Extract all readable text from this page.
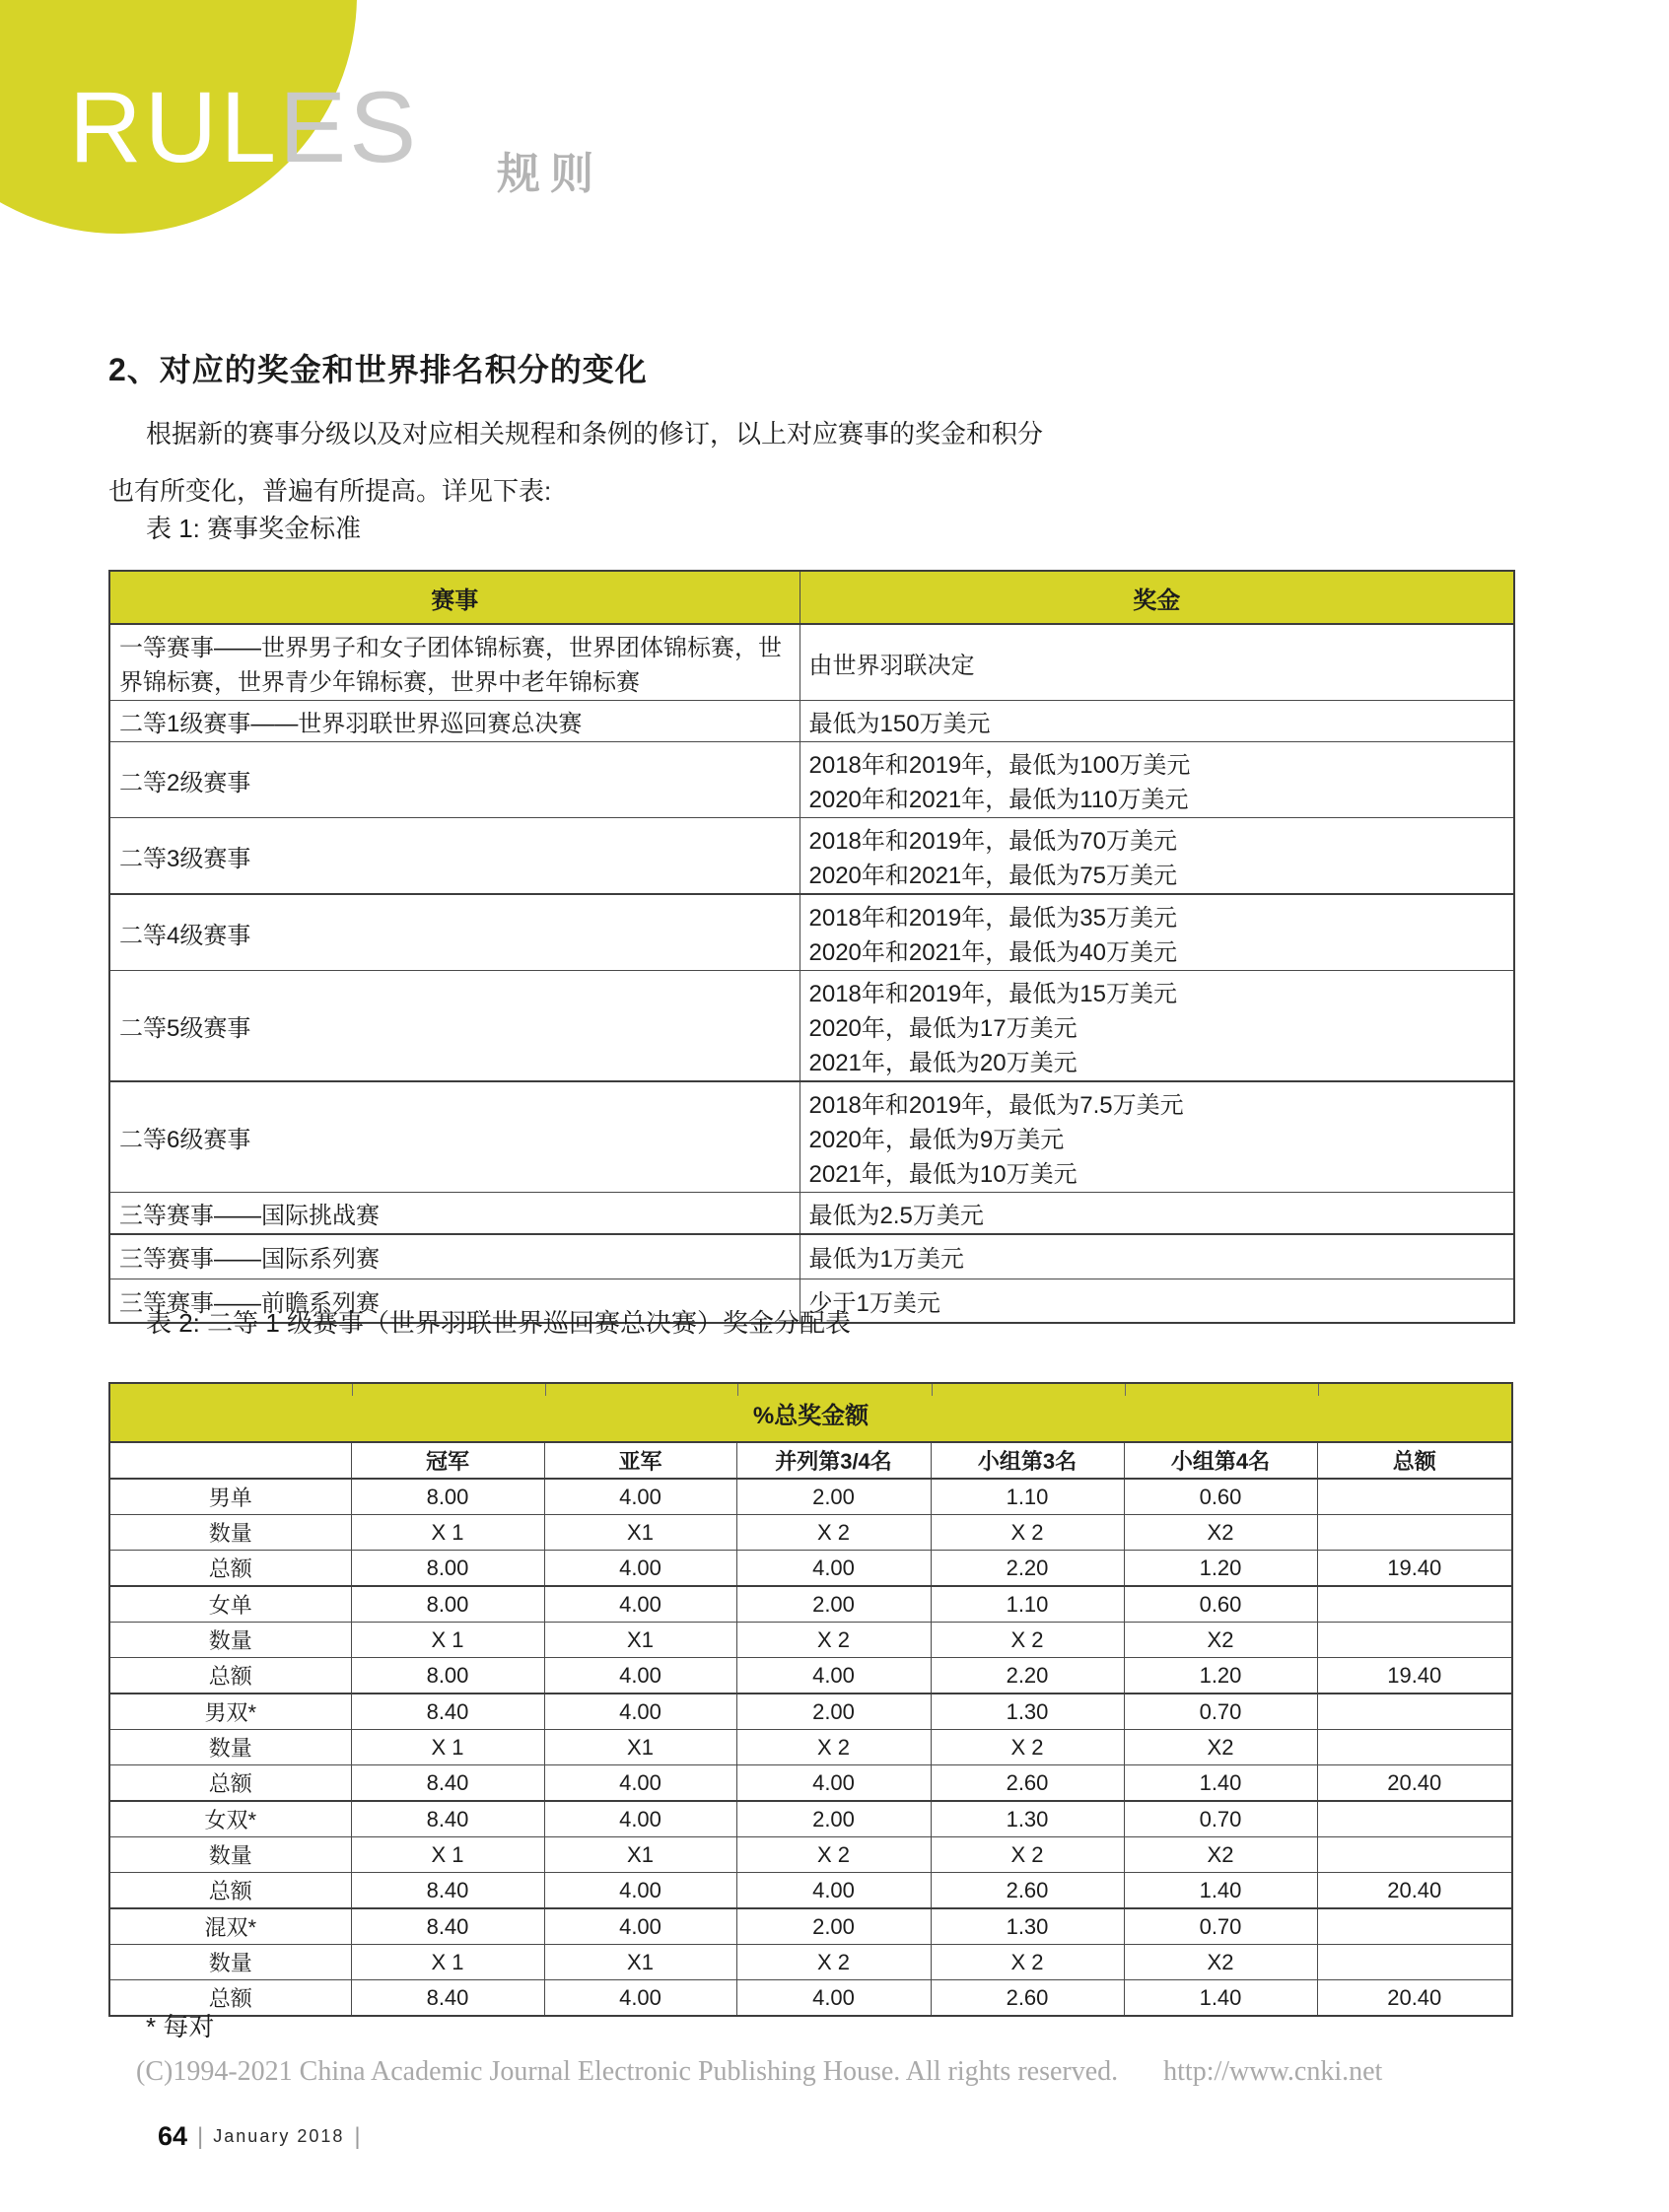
RULES 规则
2、对应的奖金和世界排名积分的变化
根据新的赛事分级以及对应相关规程和条例的修订，以上对应赛事的奖金和积分
也有所变化，普遍有所提高。详见下表:
表 1: 赛事奖金标准
赛事	奖金
一等赛事——世界男子和女子团体锦标赛，世界团体锦标赛，世界锦标赛，世界青少年锦标赛，世界中老年锦标赛	由世界羽联决定

二等1级赛事——世界羽联世界巡回赛总决赛	最低为150万美元

二等2级赛事	2018年和2019年，最低为100万美元
2020年和2021年，最低为110万美元

二等3级赛事	2018年和2019年，最低为70万美元
2020年和2021年，最低为75万美元

二等4级赛事	2018年和2019年，最低为35万美元
2020年和2021年，最低为40万美元

二等5级赛事	2018年和2019年，最低为15万美元
2020年，最低为17万美元
2021年，最低为20万美元

二等6级赛事	2018年和2019年，最低为7.5万美元
2020年，最低为9万美元
2021年，最低为10万美元

三等赛事——国际挑战赛	最低为2.5万美元

三等赛事——国际系列赛	最低为1万美元

三等赛事——前瞻系列赛	少于1万美元
表 2: 二等 1 级赛事（世界羽联世界巡回赛总决赛）奖金分配表
%总奖金额						

	冠军	亚军	并列第3/4名	小组第3名	小组第4名	总额
男单	8.00	4.00	2.00	1.10	0.60	
数量	X 1	X1	X 2	X 2	X2	
总额	8.00	4.00	4.00	2.20	1.20	19.40
女单	8.00	4.00	2.00	1.10	0.60	
数量	X 1	X1	X 2	X 2	X2	
总额	8.00	4.00	4.00	2.20	1.20	19.40
男双*	8.40	4.00	2.00	1.30	0.70	
数量	X 1	X1	X 2	X 2	X2	
总额	8.40	4.00	4.00	2.60	1.40	20.40
女双*	8.40	4.00	2.00	1.30	0.70	
数量	X 1	X1	X 2	X 2	X2	
总额	8.40	4.00	4.00	2.60	1.40	20.40
混双*	8.40	4.00	2.00	1.30	0.70	
数量	X 1	X1	X 2	X 2	X2	
总额	8.40	4.00	4.00	2.60	1.40	20.40
* 每对
(C)1994-2021 China Academic Journal Electronic Publishing House. All rights reserved. http://www.cnki.net
64 | January 2018 |
